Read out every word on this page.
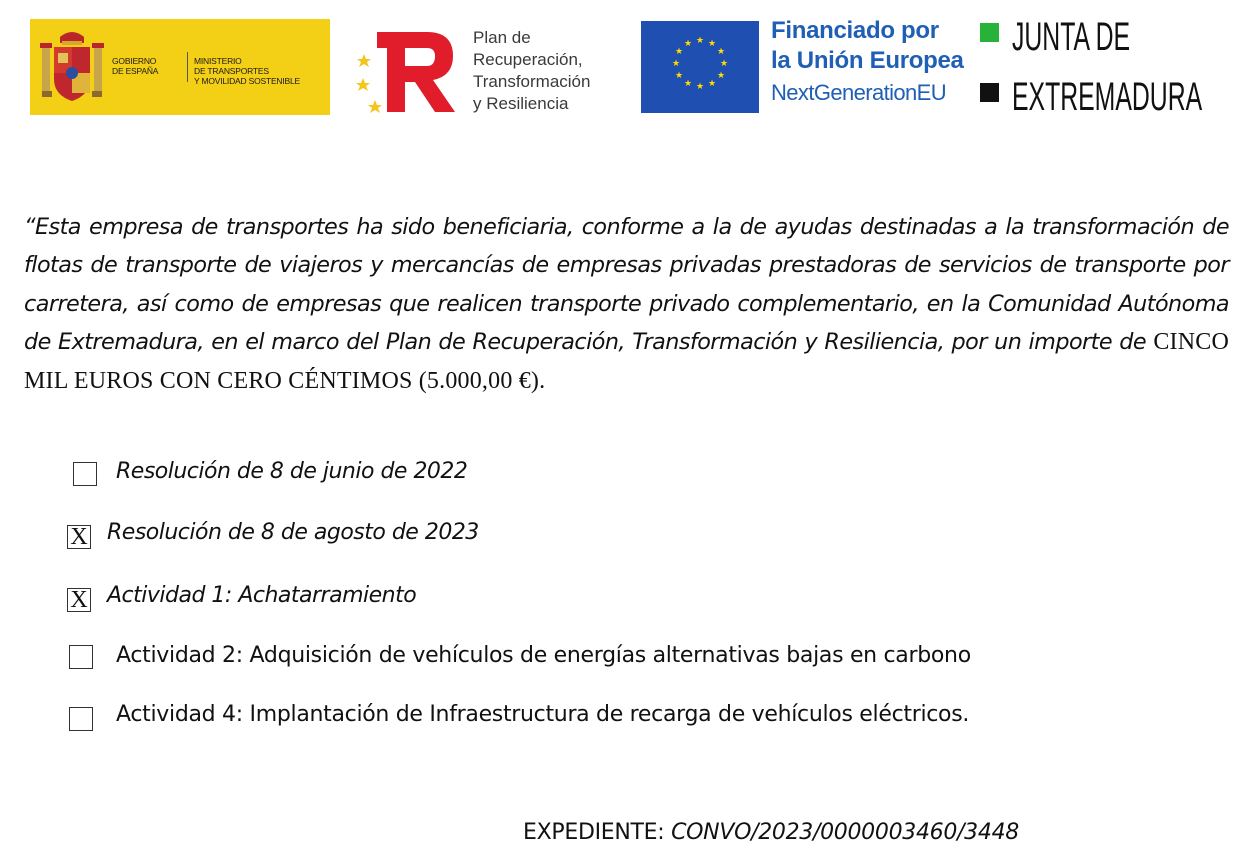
GOBIERNO
DE ESPAÑA
MINISTERIO
DE TRANSPORTES
Y MOVILIDAD SOSTENIBLE
Plan de
Recuperación,
Transformación
y Resiliencia
★ ★
★
★
★
★
★
★
★
★
★
★	Financiado por
la Unión Europea
NextGenerationEU
JUNTA DE
EXTREMADURA
“Esta empresa de transportes ha sido beneficiaria, conforme a la de ayudas destinadas a la transformación de flotas de transporte de viajeros y mercancías de empresas privadas prestadoras de servicios de transporte por carretera, así como de empresas que realicen transporte privado complementario, en la Comunidad Autónoma de Extremadura, en el marco del Plan de Recuperación, Transformación y Resiliencia, por un importe de CINCO MIL EUROS CON CERO CÉNTIMOS (5.000,00 €).
Resolución de 8 de junio de 2022
X Resolución de 8 de agosto de 2023
X Actividad 1: Achatarramiento
Actividad 2: Adquisición de vehículos de energías alternativas bajas en carbono
Actividad 4: Implantación de Infraestructura de recarga de vehículos eléctricos.
EXPEDIENTE: CONVO/2023/0000003460/3448
